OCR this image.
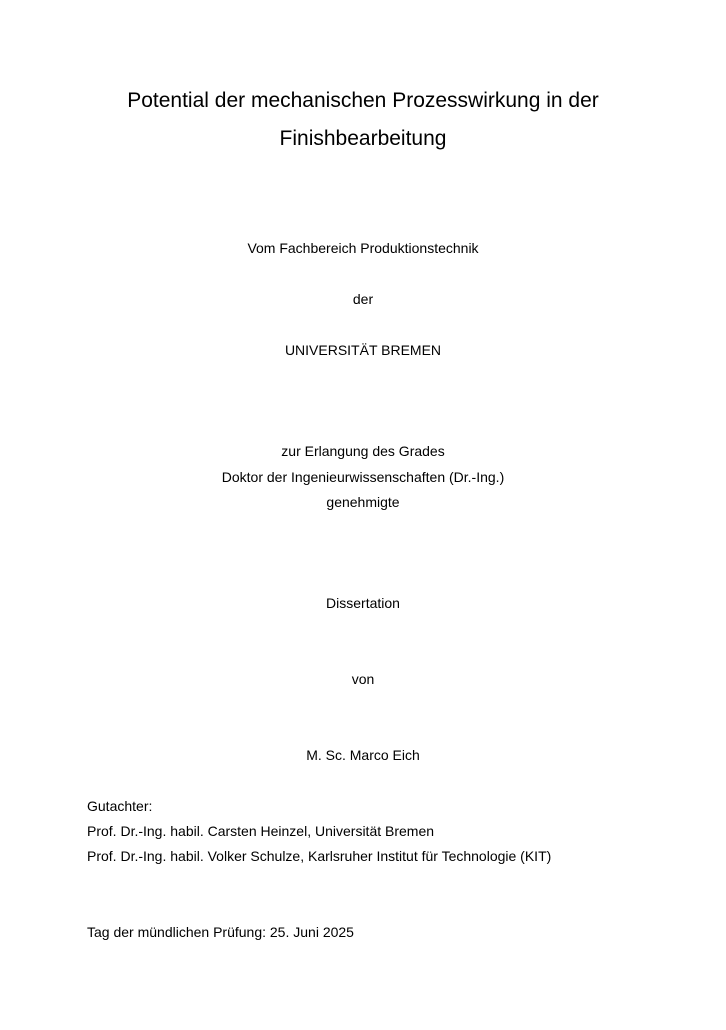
Potential der mechanischen Prozesswirkung in der
Finishbearbeitung
Vom Fachbereich Produktionstechnik
der
UNIVERSITÄT BREMEN
zur Erlangung des Grades
Doktor der Ingenieurwissenschaften (Dr.-Ing.)
genehmigte
Dissertation
von
M. Sc. Marco Eich
Gutachter:
Prof. Dr.-Ing. habil. Carsten Heinzel, Universität Bremen
Prof. Dr.-Ing. habil. Volker Schulze, Karlsruher Institut für Technologie (KIT)
Tag der mündlichen Prüfung: 25. Juni 2025
